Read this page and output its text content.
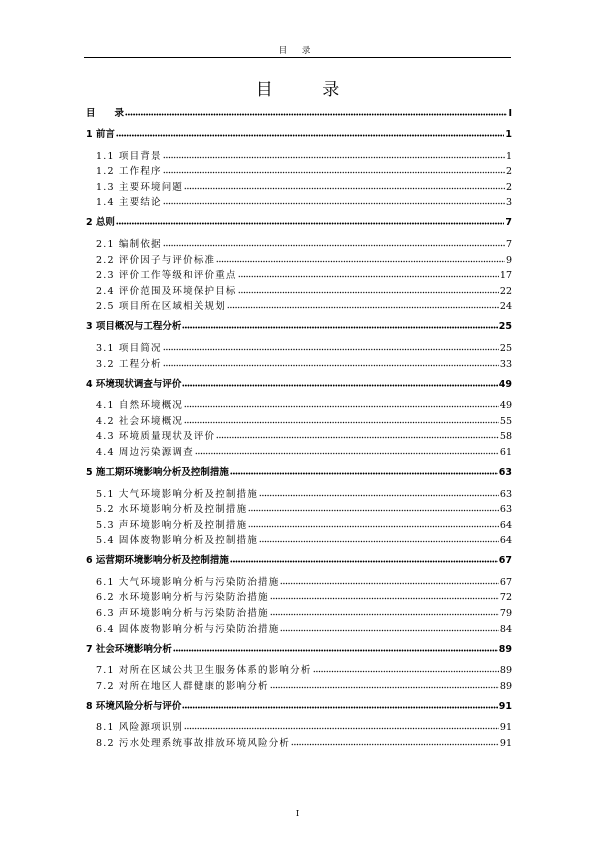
目 录
目 录
目　　录	I
1 前言	1
1.1 项目背景	1
1.2 工作程序	2
1.3 主要环境问题	2
1.4 主要结论	3
2 总则	7
2.1 编制依据	7
2.2 评价因子与评价标准	9
2.3 评价工作等级和评价重点	17
2.4 评价范围及环境保护目标	22
2.5 项目所在区域相关规划	24
3 项目概况与工程分析	25
3.1 项目简况	25
3.2 工程分析	33
4 环境现状调查与评价	49
4.1 自然环境概况	49
4.2 社会环境概况	55
4.3 环境质量现状及评价	58
4.4 周边污染源调查	61
5 施工期环境影响分析及控制措施	63
5.1 大气环境影响分析及控制措施	63
5.2 水环境影响分析及控制措施	63
5.3 声环境影响分析及控制措施	64
5.4 固体废物影响分析及控制措施	64
6 运营期环境影响分析及控制措施	67
6.1 大气环境影响分析与污染防治措施	67
6.2 水环境影响分析与污染防治措施	72
6.3 声环境影响分析与污染防治措施	79
6.4 固体废物影响分析与污染防治措施	84
7 社会环境影响分析	89
7.1 对所在区域公共卫生服务体系的影响分析	89
7.2 对所在地区人群健康的影响分析	89
8 环境风险分析与评价	91
8.1 风险源项识别	91
8.2 污水处理系统事故排放环境风险分析	91
I
